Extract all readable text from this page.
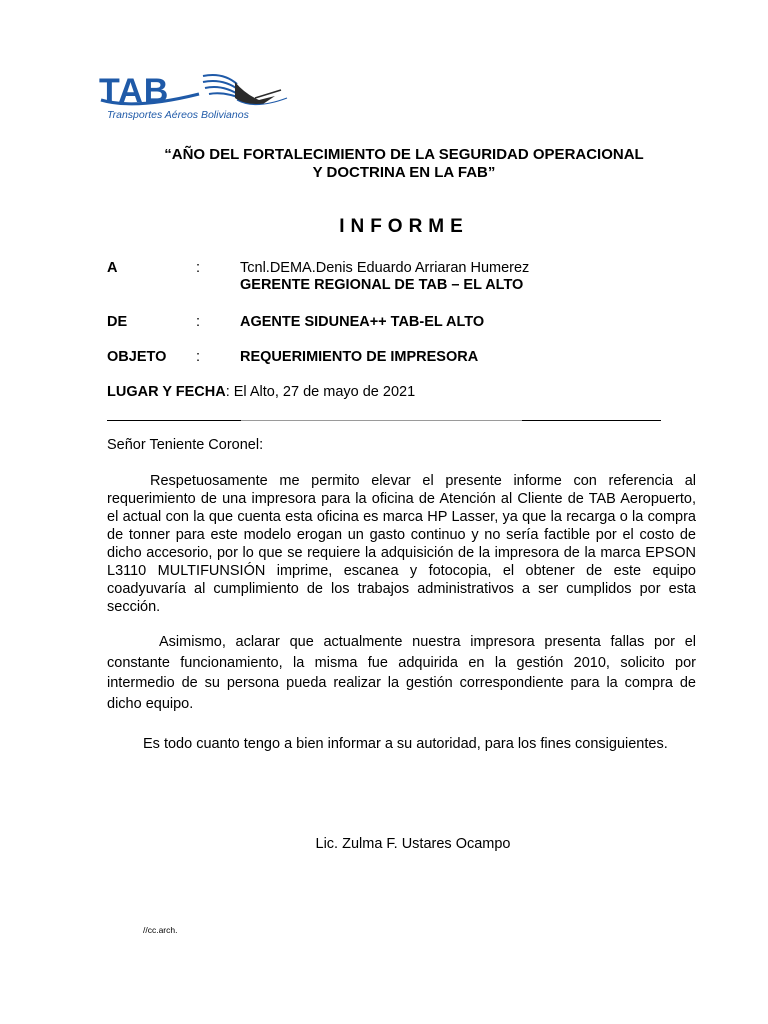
TAB
Transportes Aéreos Bolivianos
“AÑO DEL FORTALECIMIENTO DE LA SEGURIDAD OPERACIONAL
Y DOCTRINA EN LA FAB”
INFORME
A	:	Tcnl.DEMA.Denis Eduardo Arriaran Humerez
GERENTE REGIONAL DE TAB – EL ALTO
DE	:	AGENTE SIDUNEA++ TAB-EL ALTO
OBJETO :	REQUERIMIENTO DE IMPRESORA
LUGAR Y FECHA: El Alto, 27 de mayo de 2021
Señor Teniente Coronel:
Respetuosamente me permito elevar el presente informe con referencia al requerimiento de una impresora para la oficina de Atención al Cliente de TAB Aeropuerto, el actual con la que cuenta esta oficina es marca HP Lasser, ya que la recarga o la compra de tonner para este modelo erogan un gasto continuo y no sería factible por el costo de dicho accesorio, por lo que se requiere la adquisición de la impresora de la marca EPSON L3110 MULTIFUNSIÓN imprime, escanea y fotocopia, el obtener de este equipo coadyuvaría al cumplimiento de los trabajos administrativos a ser cumplidos por esta sección.
Asimismo, aclarar que actualmente nuestra impresora presenta fallas por el constante funcionamiento, la misma fue adquirida en la gestión 2010, solicito por intermedio de su persona pueda realizar la gestión correspondiente para la compra de dicho equipo.
Es todo cuanto tengo a bien informar a su autoridad, para los fines consiguientes.
Lic. Zulma F. Ustares Ocampo
//cc.arch.
